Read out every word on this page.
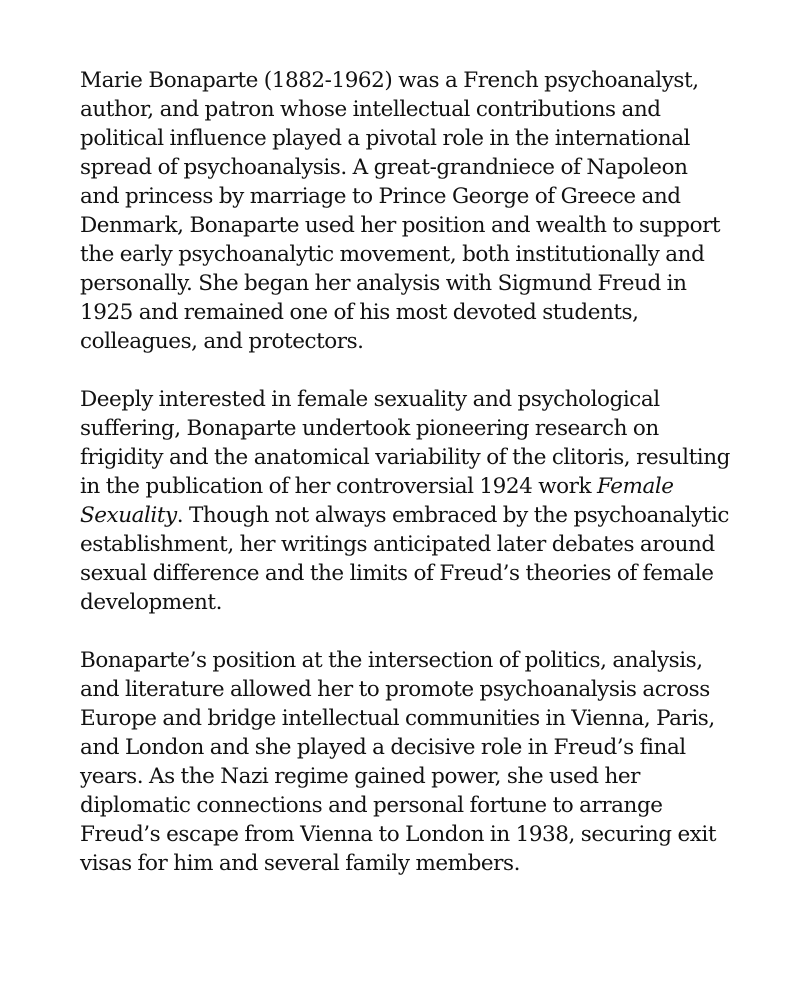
Marie Bonaparte (1882-1962) was a French psychoanalyst, author, and patron whose intellectual contributions and political influence played a pivotal role in the international spread of psychoanalysis. A great-grandniece of Napoleon and princess by marriage to Prince George of Greece and Denmark, Bonaparte used her position and wealth to support the early psychoanalytic movement, both institutionally and personally. She began her analysis with Sigmund Freud in 1925 and remained one of his most devoted students, colleagues, and protectors.

Deeply interested in female sexuality and psychological suffering, Bonaparte undertook pioneering research on frigidity and the anatomical variability of the clitoris, resulting in the publication of her controversial 1924 work Female Sexuality. Though not always embraced by the psychoanalytic establishment, her writings anticipated later debates around sexual difference and the limits of Freud’s theories of female development.

Bonaparte’s position at the intersection of politics, analysis, and literature allowed her to promote psychoanalysis across Europe and bridge intellectual communities in Vienna, Paris, and London and she played a decisive role in Freud’s final years. As the Nazi regime gained power, she used her diplomatic connections and personal fortune to arrange Freud’s escape from Vienna to London in 1938, securing exit visas for him and several family members.
